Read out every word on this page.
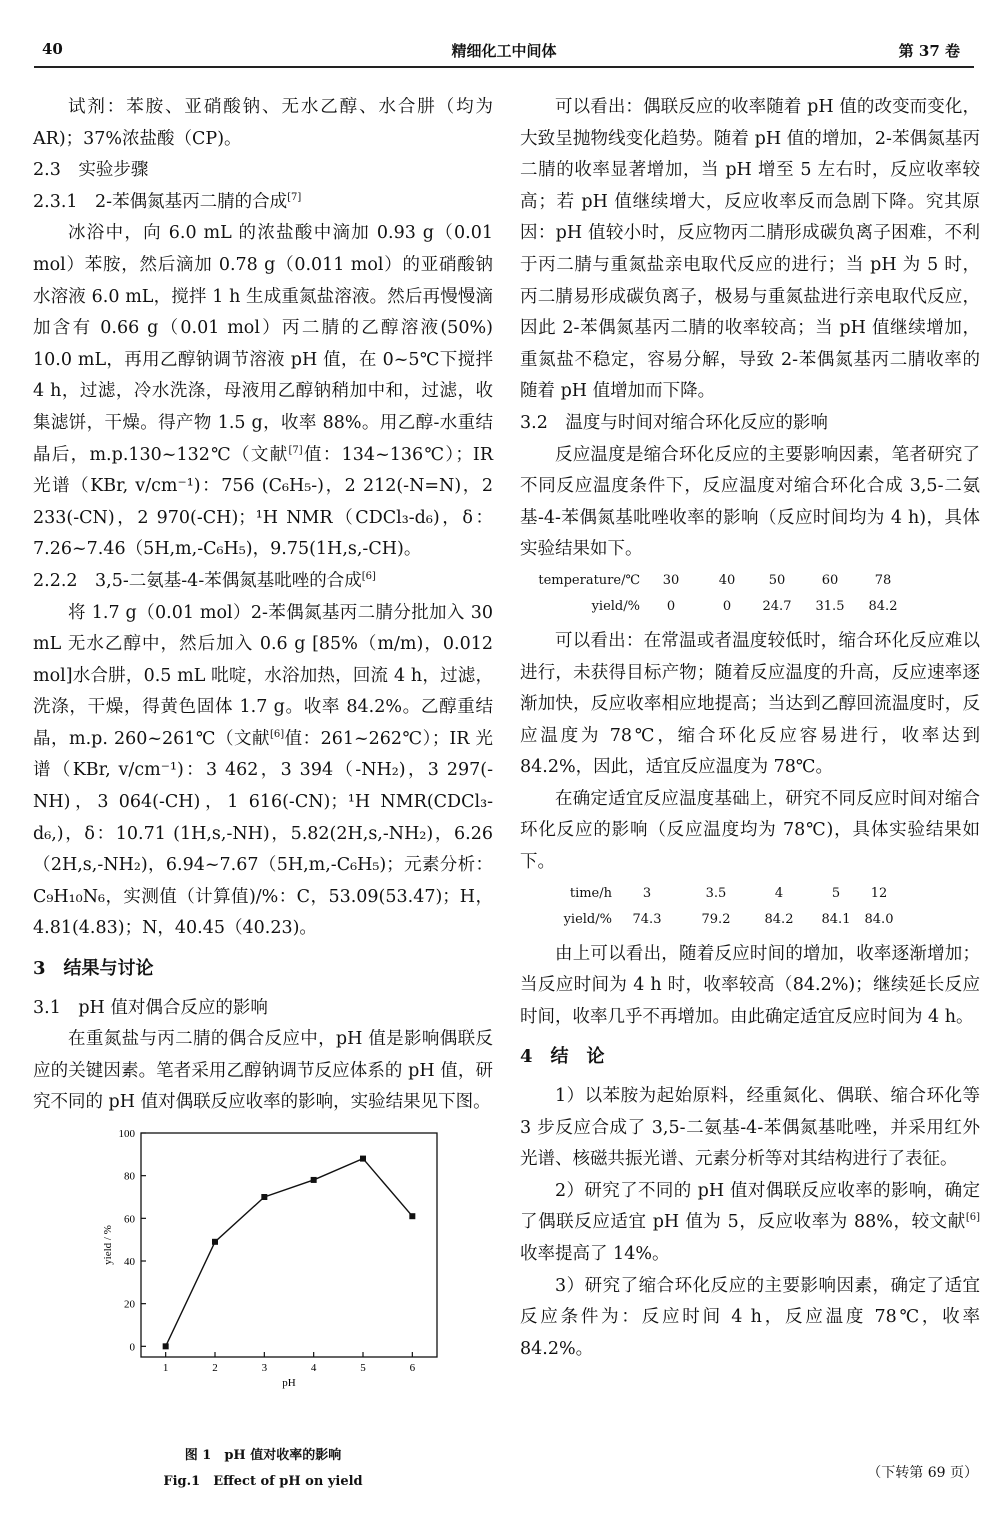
40	精细化工中间体	第 37 卷

试剂：苯胺、亚硝酸钠、无水乙醇、水合肼（均为 AR)；37%浓盐酸（CP)。

2.3　实验步骤

2.3.1　2-苯偶氮基丙二腈的合成[7]

冰浴中，向 6.0 mL 的浓盐酸中滴加 0.93 g（0.01 mol）苯胺，然后滴加 0.78 g（0.011 mol）的亚硝酸钠水溶液 6.0 mL，搅拌 1 h 生成重氮盐溶液。然后再慢慢滴加含有 0.66 g（0.01 mol）丙二腈的乙醇溶液(50%) 10.0 mL，再用乙醇钠调节溶液 pH 值，在 0~5℃下搅拌 4 h，过滤，冷水洗涤，母液用乙醇钠稍加中和，过滤，收集滤饼，干燥。得产物 1.5 g，收率 88%。用乙醇-水重结晶后，m.p.130~132℃（文献[7]值：134~136℃）；IR 光谱（KBr, v/cm⁻¹)：756 (C₆H₅-)，2 212(-N=N)，2 233(-CN)，2 970(-CH)；¹H NMR（CDCl₃-d₆)，δ：7.26~7.46（5H,m,-C₆H₅)，9.75(1H,s,-CH)。

2.2.2　3,5-二氨基-4-苯偶氮基吡唑的合成[6]

将 1.7 g（0.01 mol）2-苯偶氮基丙二腈分批加入 30 mL 无水乙醇中，然后加入 0.6 g [85%（m/m)，0.012 mol]水合肼，0.5 mL 吡啶，水浴加热，回流 4 h，过滤，洗涤，干燥，得黄色固体 1.7 g。收率 84.2%。乙醇重结晶，m.p. 260~261℃（文献[6]值：261~262℃）；IR 光谱（KBr, v/cm⁻¹)：3 462，3 394（-NH₂)，3 297(-NH)，3 064(-CH)，1 616(-CN)；¹H NMR(CDCl₃-d₆,)，δ：10.71 (1H,s,-NH)，5.82(2H,s,-NH₂)，6.26（2H,s,-NH₂)，6.94~7.67（5H,m,-C₆H₅)；元素分析：C₉H₁₀N₆，实测值（计算值)/%：C，53.09(53.47)；H，4.81(4.83)；N，40.45（40.23)。

3　结果与讨论

3.1　pH 值对偶合反应的影响

在重氮盐与丙二腈的偶合反应中，pH 值是影响偶联反应的关键因素。笔者采用乙醇钠调节反应体系的 pH 值，研究不同的 pH 值对偶联反应收率的影响，实验结果见下图。

0
20
40
60
80
100
1	2	3	4	5	6
pH
yield / %
图 1　pH 值对收率的影响
Fig.1　Effect of pH on yield

可以看出：偶联反应的收率随着 pH 值的改变而变化，大致呈抛物线变化趋势。随着 pH 值的增加，2-苯偶氮基丙二腈的收率显著增加，当 pH 增至 5 左右时，反应收率较高；若 pH 值继续增大，反应收率反而急剧下降。究其原因：pH 值较小时，反应物丙二腈形成碳负离子困难，不利于丙二腈与重氮盐亲电取代反应的进行；当 pH 为 5 时，丙二腈易形成碳负离子，极易与重氮盐进行亲电取代反应，因此 2-苯偶氮基丙二腈的收率较高；当 pH 值继续增加，重氮盐不稳定，容易分解，导致 2-苯偶氮基丙二腈收率的随着 pH 值增加而下降。

3.2　温度与时间对缩合环化反应的影响

反应温度是缩合环化反应的主要影响因素，笔者研究了不同反应温度条件下，反应温度对缩合环化合成 3,5-二氨基-4-苯偶氮基吡唑收率的影响（反应时间均为 4 h)，具体实验结果如下。

temperature/℃	30	40	50	60	78
yield/%	0	0	24.7	31.5	84.2

可以看出：在常温或者温度较低时，缩合环化反应难以进行，未获得目标产物；随着反应温度的升高，反应速率逐渐加快，反应收率相应地提高；当达到乙醇回流温度时，反应温度为 78℃，缩合环化反应容易进行，收率达到 84.2%，因此，适宜反应温度为 78℃。

在确定适宜反应温度基础上，研究不同反应时间对缩合环化反应的影响（反应温度均为 78℃)，具体实验结果如下。

time/h	3	3.5	4	5	12
yield/%	74.3	79.2	84.2	84.1	84.0

由上可以看出，随着反应时间的增加，收率逐渐增加；当反应时间为 4 h 时，收率较高（84.2%)；继续延长反应时间，收率几乎不再增加。由此确定适宜反应时间为 4 h。

4　结　论

1）以苯胺为起始原料，经重氮化、偶联、缩合环化等 3 步反应合成了 3,5-二氨基-4-苯偶氮基吡唑，并采用红外光谱、核磁共振光谱、元素分析等对其结构进行了表征。

2）研究了不同的 pH 值对偶联反应收率的影响，确定了偶联反应适宜 pH 值为 5，反应收率为 88%，较文献[6]收率提高了 14%。

3）研究了缩合环化反应的主要影响因素，确定了适宜反应条件为：反应时间 4 h，反应温度 78℃，收率84.2%。

（下转第 69 页）
